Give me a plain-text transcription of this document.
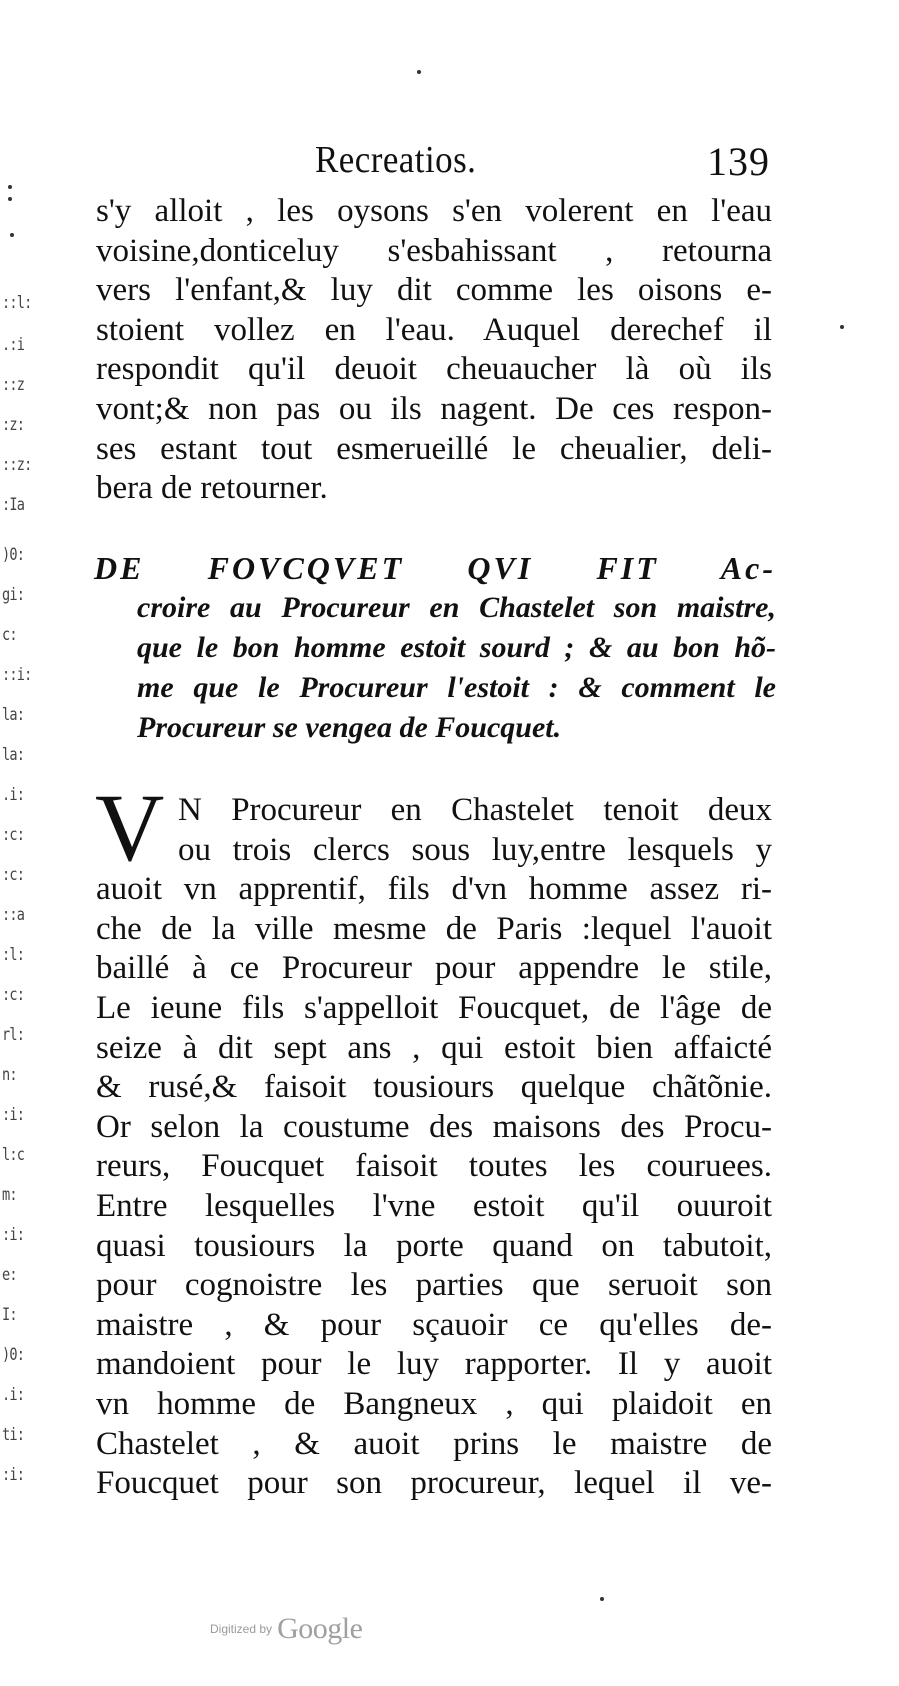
::l:
.:i
::z
:z:
::z:
:Ia
)0:
gi:
c:
::i:
la:
la:
.i:
:c:
:c:
::a
:l:
:c:
rl:
n:
:i:
l:c
m:
:i:
e:
I:
)0:
.i:
ti:
:i:
Recreatios.	139
s'y alloit , les oysons s'en volerent en l'eau
voisine,donticeluy s'esbahissant , retourna
vers l'enfant,& luy dit comme les oisons e-
stoient vollez en l'eau. Auquel derechef il
respondit qu'il deuoit cheuaucher là où ils
vont;& non pas ou ils nagent. De ces respon-
ses estant tout esmerueillé le cheualier, deli-
bera de retourner.
DE FOVCQVET QVI FIT Ac-
croire au Procureur en Chastelet son maistre,
que le bon homme estoit sourd ; & au bon hõ-
me que le Procureur l'estoit : & comment le
Procureur se vengea de Foucquet.
V N Procureur en Chastelet tenoit deux
ou trois clercs sous luy,entre lesquels y
auoit vn apprentif, fils d'vn homme assez ri-
che de la ville mesme de Paris :lequel l'auoit
baillé à ce Procureur pour appendre le stile,
Le ieune fils s'appelloit Foucquet, de l'âge de
seize à dit sept ans , qui estoit bien affaicté
& rusé,& faisoit tousiours quelque chãtõnie.
Or selon la coustume des maisons des Procu-
reurs, Foucquet faisoit toutes les couruees.
Entre lesquelles l'vne estoit qu'il ouuroit
quasi tousiours la porte quand on tabutoit,
pour cognoistre les parties que seruoit son
maistre , & pour sçauoir ce qu'elles de-
mandoient pour le luy rapporter. Il y auoit
vn homme de Bangneux , qui plaidoit en
Chastelet , & auoit prins le maistre de
Foucquet pour son procureur, lequel il ve-
Digitized by Google
